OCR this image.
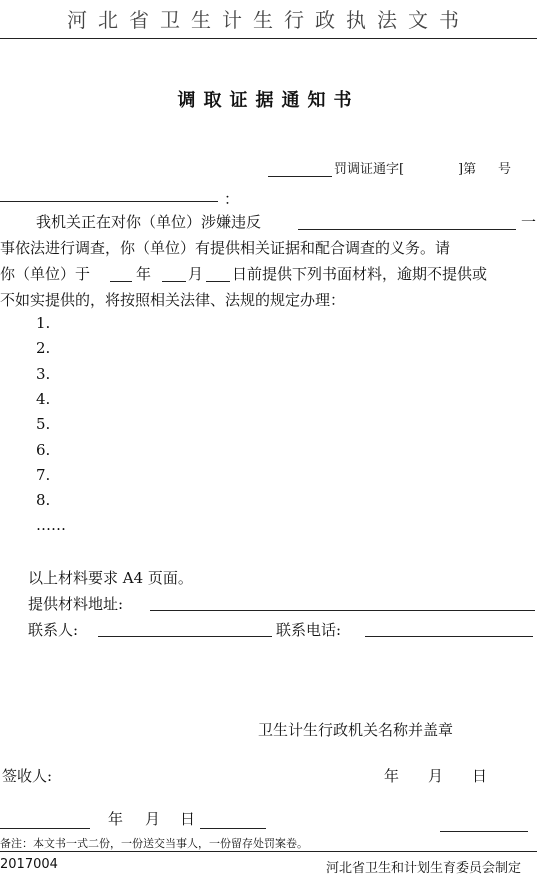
河北省卫生计生行政执法文书
调取证据通知书
罚调证通字[	]第 号
：
我机关正在对你（单位）涉嫌违反	一
事依法进行调查，你（单位）有提供相关证据和配合调查的义务。请
你（单位）于	年 月 日前提供下列书面材料，逾期不提供或
不如实提供的，将按照相关法律、法规的规定办理：
1.
2.
3.
4.
5.
6.
7.
8.
……
以上材料要求 A4 页面。
提供材料地址:
联系人:	联系电话:
卫生计生行政机关名称并盖章
签收人:	年 月 日
年 月 日
备注：本文书一式二份，一份送交当事人，一份留存处罚案卷。
2017004	河北省卫生和计划生育委员会制定
